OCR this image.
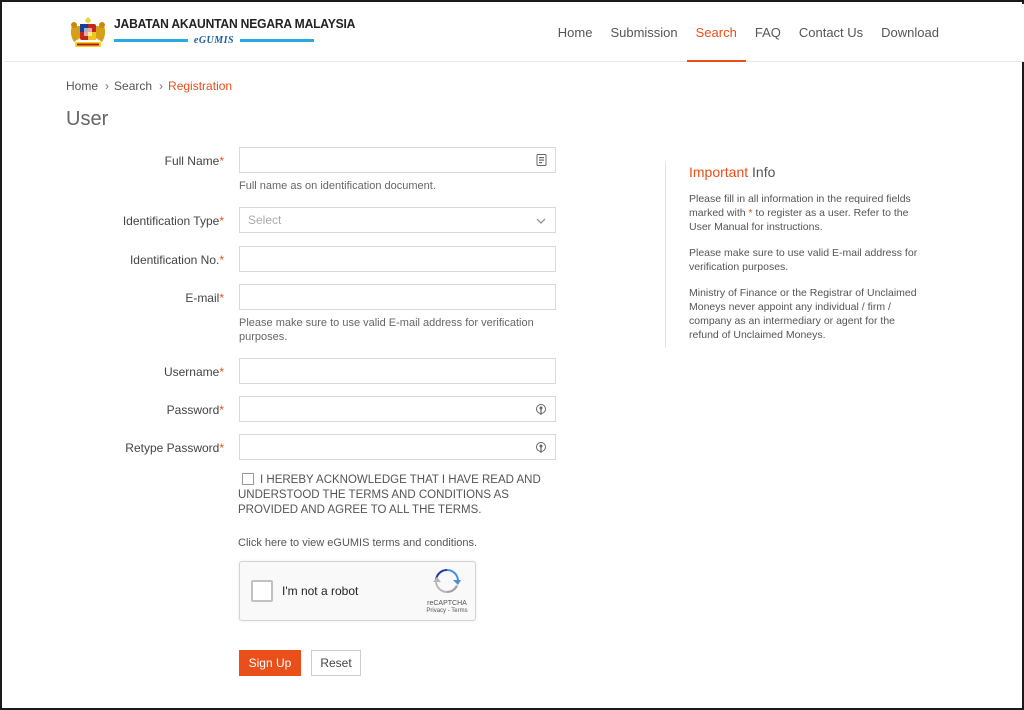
JABATAN AKAUNTAN NEGARA MALAYSIA
eGUMIS
Home	Submission	Search	FAQ	Contact Us	Download
Home › Search › Registration
User
Full Name*
Full name as on identification document.
Identification Type*	Select
Identification No.*
E-mail*
Please make sure to use valid E-mail address for verification purposes.
Username*
Password*
Retype Password*
I HEREBY ACKNOWLEDGE THAT I HAVE READ AND UNDERSTOOD THE TERMS AND CONDITIONS AS PROVIDED AND AGREE TO ALL THE TERMS.
Click here to view eGUMIS terms and conditions.
I'm not a robot
reCAPTCHA
Privacy - Terms
Sign Up	Reset
Important Info

Please fill in all information in the required fields marked with * to register as a user. Refer to the User Manual for instructions.

Please make sure to use valid E-mail address for verification purposes.

Ministry of Finance or the Registrar of Unclaimed Moneys never appoint any individual / firm / company as an intermediary or agent for the refund of Unclaimed Moneys.
